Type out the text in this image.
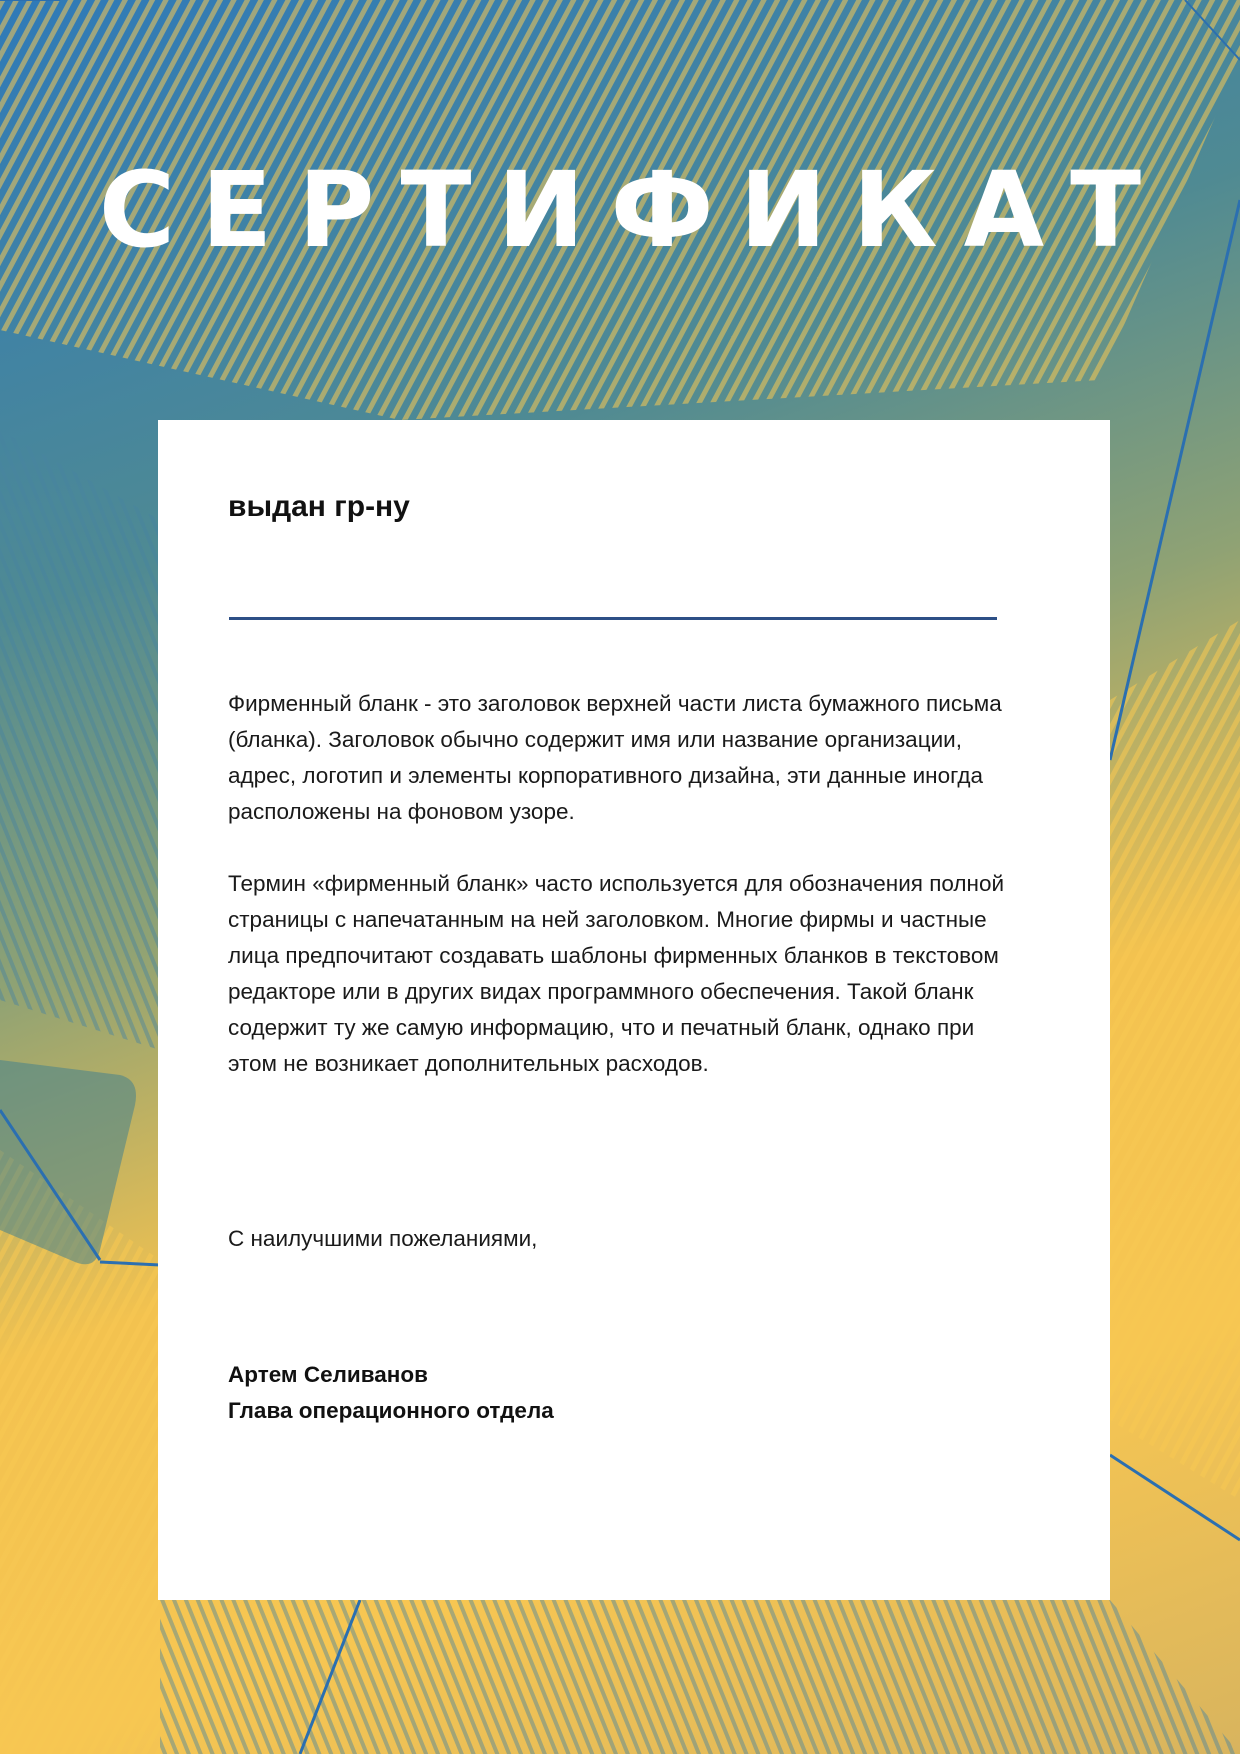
СЕРТИФИКАТ
выдан гр-ну

Фирменный бланк - это заголовок верхней части листа бумажного письма (бланка). Заголовок обычно содержит имя или название организации, адрес, логотип и элементы корпоративного дизайна, эти данные иногда расположены на фоновом узоре.

Термин «фирменный бланк» часто используется для обозначения полной страницы с напечатанным на ней заголовком. Многие фирмы и частные лица предпочитают создавать шаблоны фирменных бланков в текстовом редакторе или в других видах программного обеспечения. Такой бланк содержит ту же самую информацию, что и печатный бланк, однако при этом не возникает дополнительных расходов.

С наилучшими пожеланиями,
Артем Селиванов
Глава операционного отдела
